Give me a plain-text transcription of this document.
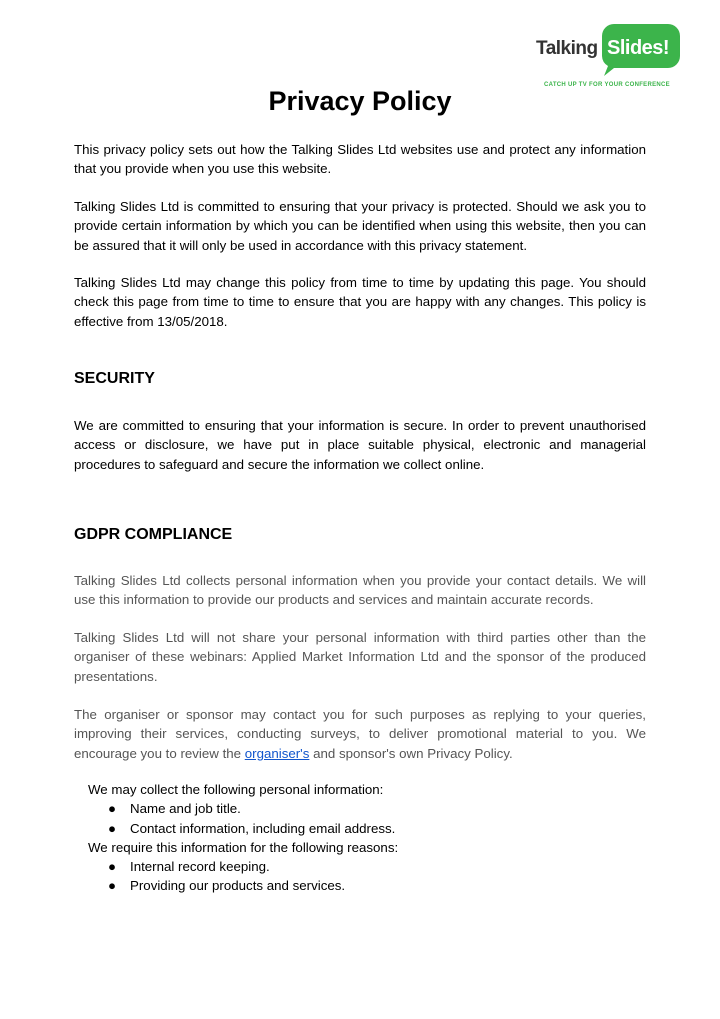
Talking Slides!
CATCH UP TV FOR YOUR CONFERENCE
Privacy Policy

This privacy policy sets out how the Talking Slides Ltd websites use and protect any information that you provide when you use this website.

Talking Slides Ltd is committed to ensuring that your privacy is protected. Should we ask you to provide certain information by which you can be identified when using this website, then you can be assured that it will only be used in accordance with this privacy statement.

Talking Slides Ltd may change this policy from time to time by updating this page. You should check this page from time to time to ensure that you are happy with any changes. This policy is effective from 13/05/2018.

SECURITY

We are committed to ensuring that your information is secure. In order to prevent unauthorised access or disclosure, we have put in place suitable physical, electronic and managerial procedures to safeguard and secure the information we collect online.

GDPR COMPLIANCE

Talking Slides Ltd collects personal information when you provide your contact details. We will use this information to provide our products and services and maintain accurate records.

Talking Slides Ltd will not share your personal information with third parties other than the organiser of these webinars: Applied Market Information Ltd and the sponsor of the produced presentations.

The organiser or sponsor may contact you for such purposes as replying to your queries, improving their services, conducting surveys, to deliver promotional material to you. We encourage you to review the organiser's and sponsor's own Privacy Policy.

We may collect the following personal information:

● Name and job title.
● Contact information, including email address.

We require this information for the following reasons:

● Internal record keeping.
● Providing our products and services.
